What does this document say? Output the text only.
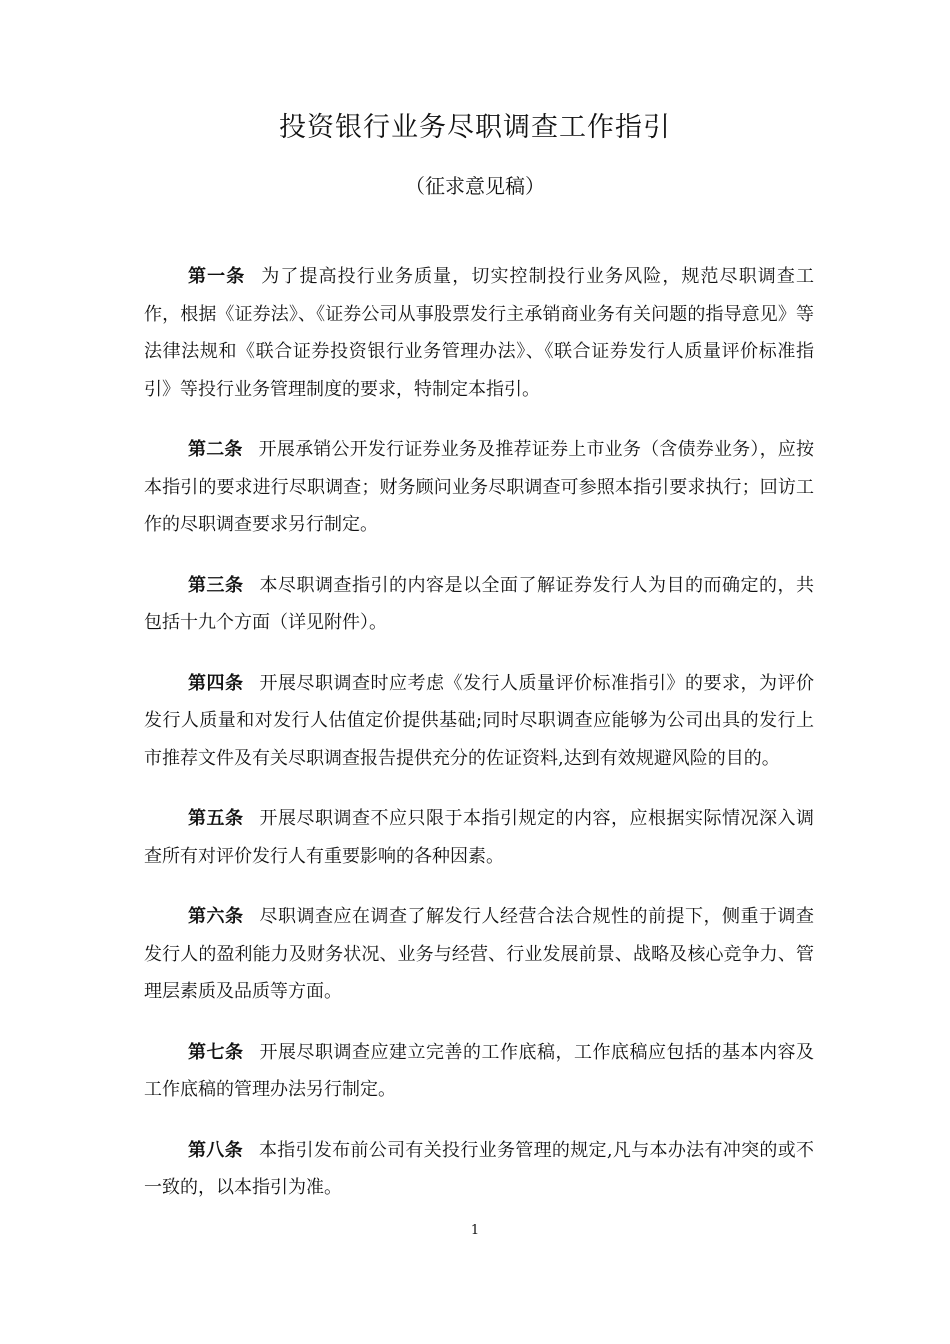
投资银行业务尽职调查工作指引
（征求意见稿）

第一条 为了提高投行业务质量，切实控制投行业务风险，规范尽职调查工作，根据《证券法》、《证券公司从事股票发行主承销商业务有关问题的指导意见》等法律法规和《联合证券投资银行业务管理办法》、《联合证券发行人质量评价标准指引》等投行业务管理制度的要求，特制定本指引。

第二条 开展承销公开发行证券业务及推荐证券上市业务（含债券业务），应按本指引的要求进行尽职调查；财务顾问业务尽职调查可参照本指引要求执行；回访工作的尽职调查要求另行制定。

第三条 本尽职调查指引的内容是以全面了解证券发行人为目的而确定的，共包括十九个方面（详见附件）。

第四条 开展尽职调查时应考虑《发行人质量评价标准指引》的要求，为评价发行人质量和对发行人估值定价提供基础;同时尽职调查应能够为公司出具的发行上市推荐文件及有关尽职调查报告提供充分的佐证资料,达到有效规避风险的目的。

第五条 开展尽职调查不应只限于本指引规定的内容，应根据实际情况深入调查所有对评价发行人有重要影响的各种因素。

第六条 尽职调查应在调查了解发行人经营合法合规性的前提下，侧重于调查发行人的盈利能力及财务状况、业务与经营、行业发展前景、战略及核心竞争力、管理层素质及品质等方面。

第七条 开展尽职调查应建立完善的工作底稿，工作底稿应包括的基本内容及工作底稿的管理办法另行制定。

第八条 本指引发布前公司有关投行业务管理的规定,凡与本办法有冲突的或不一致的，以本指引为准。

1
